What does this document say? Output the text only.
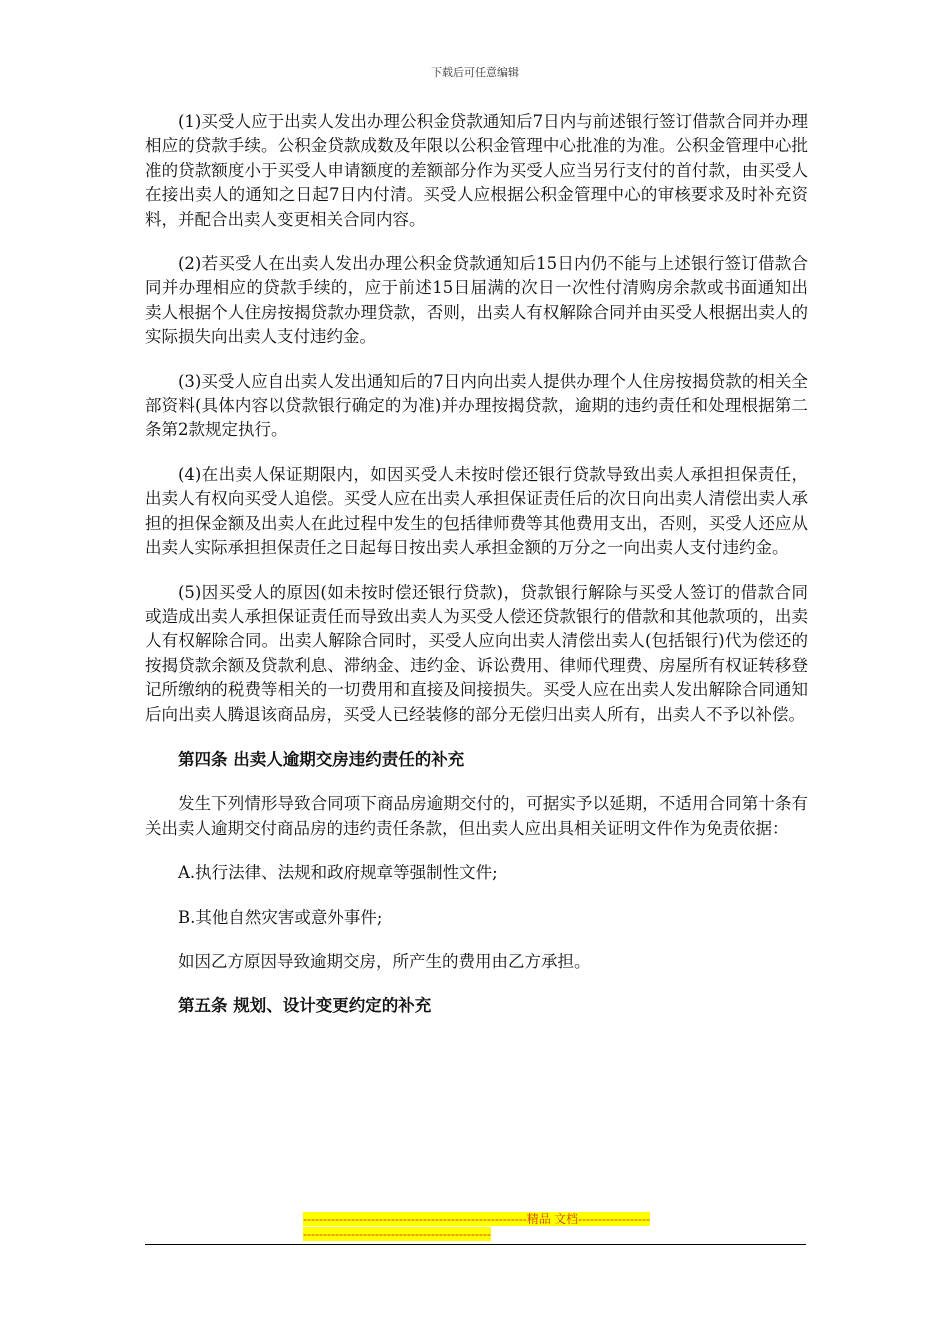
下载后可任意编辑

(1)买受人应于出卖人发出办理公积金贷款通知后7日内与前述银行签订借款合同并办理相应的贷款手续。公积金贷款成数及年限以公积金管理中心批准的为准。公积金管理中心批准的贷款额度小于买受人申请额度的差额部分作为买受人应当另行支付的首付款，由买受人在接出卖人的通知之日起7日内付清。买受人应根据公积金管理中心的审核要求及时补充资料，并配合出卖人变更相关合同内容。

(2)若买受人在出卖人发出办理公积金贷款通知后15日内仍不能与上述银行签订借款合同并办理相应的贷款手续的，应于前述15日届满的次日一次性付清购房余款或书面通知出卖人根据个人住房按揭贷款办理贷款，否则，出卖人有权解除合同并由买受人根据出卖人的实际损失向出卖人支付违约金。

(3)买受人应自出卖人发出通知后的7日内向出卖人提供办理个人住房按揭贷款的相关全部资料(具体内容以贷款银行确定的为准)并办理按揭贷款，逾期的违约责任和处理根据第二条第2款规定执行。

(4)在出卖人保证期限内，如因买受人未按时偿还银行贷款导致出卖人承担担保责任，出卖人有权向买受人追偿。买受人应在出卖人承担保证责任后的次日向出卖人清偿出卖人承担的担保金额及出卖人在此过程中发生的包括律师费等其他费用支出，否则，买受人还应从出卖人实际承担担保责任之日起每日按出卖人承担金额的万分之一向出卖人支付违约金。

(5)因买受人的原因(如未按时偿还银行贷款)，贷款银行解除与买受人签订的借款合同或造成出卖人承担保证责任而导致出卖人为买受人偿还贷款银行的借款和其他款项的，出卖人有权解除合同。出卖人解除合同时，买受人应向出卖人清偿出卖人(包括银行)代为偿还的按揭贷款余额及贷款利息、滞纳金、违约金、诉讼费用、律师代理费、房屋所有权证转移登记所缴纳的税费等相关的一切费用和直接及间接损失。买受人应在出卖人发出解除合同通知后向出卖人腾退该商品房，买受人已经装修的部分无偿归出卖人所有，出卖人不予以补偿。

第四条 出卖人逾期交房违约责任的补充

发生下列情形导致合同项下商品房逾期交付的，可据实予以延期，不适用合同第十条有关出卖人逾期交付商品房的违约责任条款，但出卖人应出具相关证明文件作为免责依据：

A.执行法律、法规和政府规章等强制性文件;

B.其他自然灾害或意外事件;

如因乙方原因导致逾期交房，所产生的费用由乙方承担。

第五条 规划、设计变更约定的补充

--------------------------------------------------------精品 文档-----------------------------------------------------------------
